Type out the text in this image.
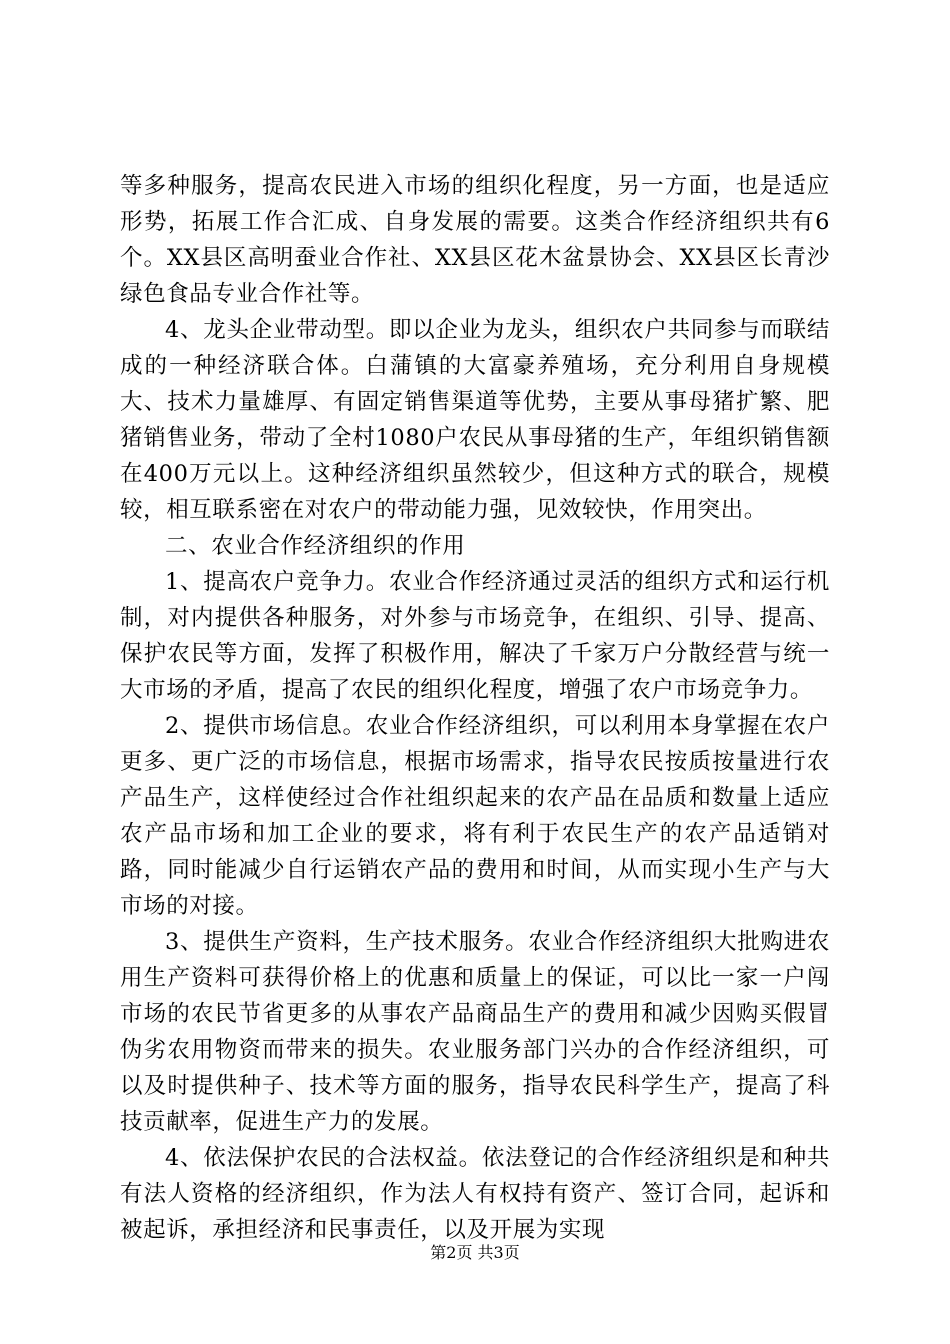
等多种服务，提高农民进入市场的组织化程度，另一方面，也是适应形势，拓展工作合汇成、自身发展的需要。这类合作经济组织共有6个。XX县区高明蚕业合作社、XX县区花木盆景协会、XX县区长青沙绿色食品专业合作社等。

4、龙头企业带动型。即以企业为龙头，组织农户共同参与而联结成的一种经济联合体。白蒲镇的大富豪养殖场，充分利用自身规模大、技术力量雄厚、有固定销售渠道等优势，主要从事母猪扩繁、肥猪销售业务，带动了全村1080户农民从事母猪的生产，年组织销售额在400万元以上。这种经济组织虽然较少，但这种方式的联合，规模较，相互联系密在对农户的带动能力强，见效较快，作用突出。

二、农业合作经济组织的作用

1、提高农户竞争力。农业合作经济通过灵活的组织方式和运行机制，对内提供各种服务，对外参与市场竞争，在组织、引导、提高、保护农民等方面，发挥了积极作用，解决了千家万户分散经营与统一大市场的矛盾，提高了农民的组织化程度，增强了农户市场竞争力。

2、提供市场信息。农业合作经济组织，可以利用本身掌握在农户更多、更广泛的市场信息，根据市场需求，指导农民按质按量进行农产品生产，这样使经过合作社组织起来的农产品在品质和数量上适应农产品市场和加工企业的要求，将有利于农民生产的农产品适销对路，同时能减少自行运销农产品的费用和时间，从而实现小生产与大市场的对接。

3、提供生产资料，生产技术服务。农业合作经济组织大批购进农用生产资料可获得价格上的优惠和质量上的保证，可以比一家一户闯市场的农民节省更多的从事农产品商品生产的费用和减少因购买假冒伪劣农用物资而带来的损失。农业服务部门兴办的合作经济组织，可以及时提供种子、技术等方面的服务，指导农民科学生产，提高了科技贡献率，促进生产力的发展。

4、依法保护农民的合法权益。依法登记的合作经济组织是和种共有法人资格的经济组织，作为法人有权持有资产、签订合同，起诉和被起诉，承担经济和民事责任，以及开展为实现

第2页 共3页
